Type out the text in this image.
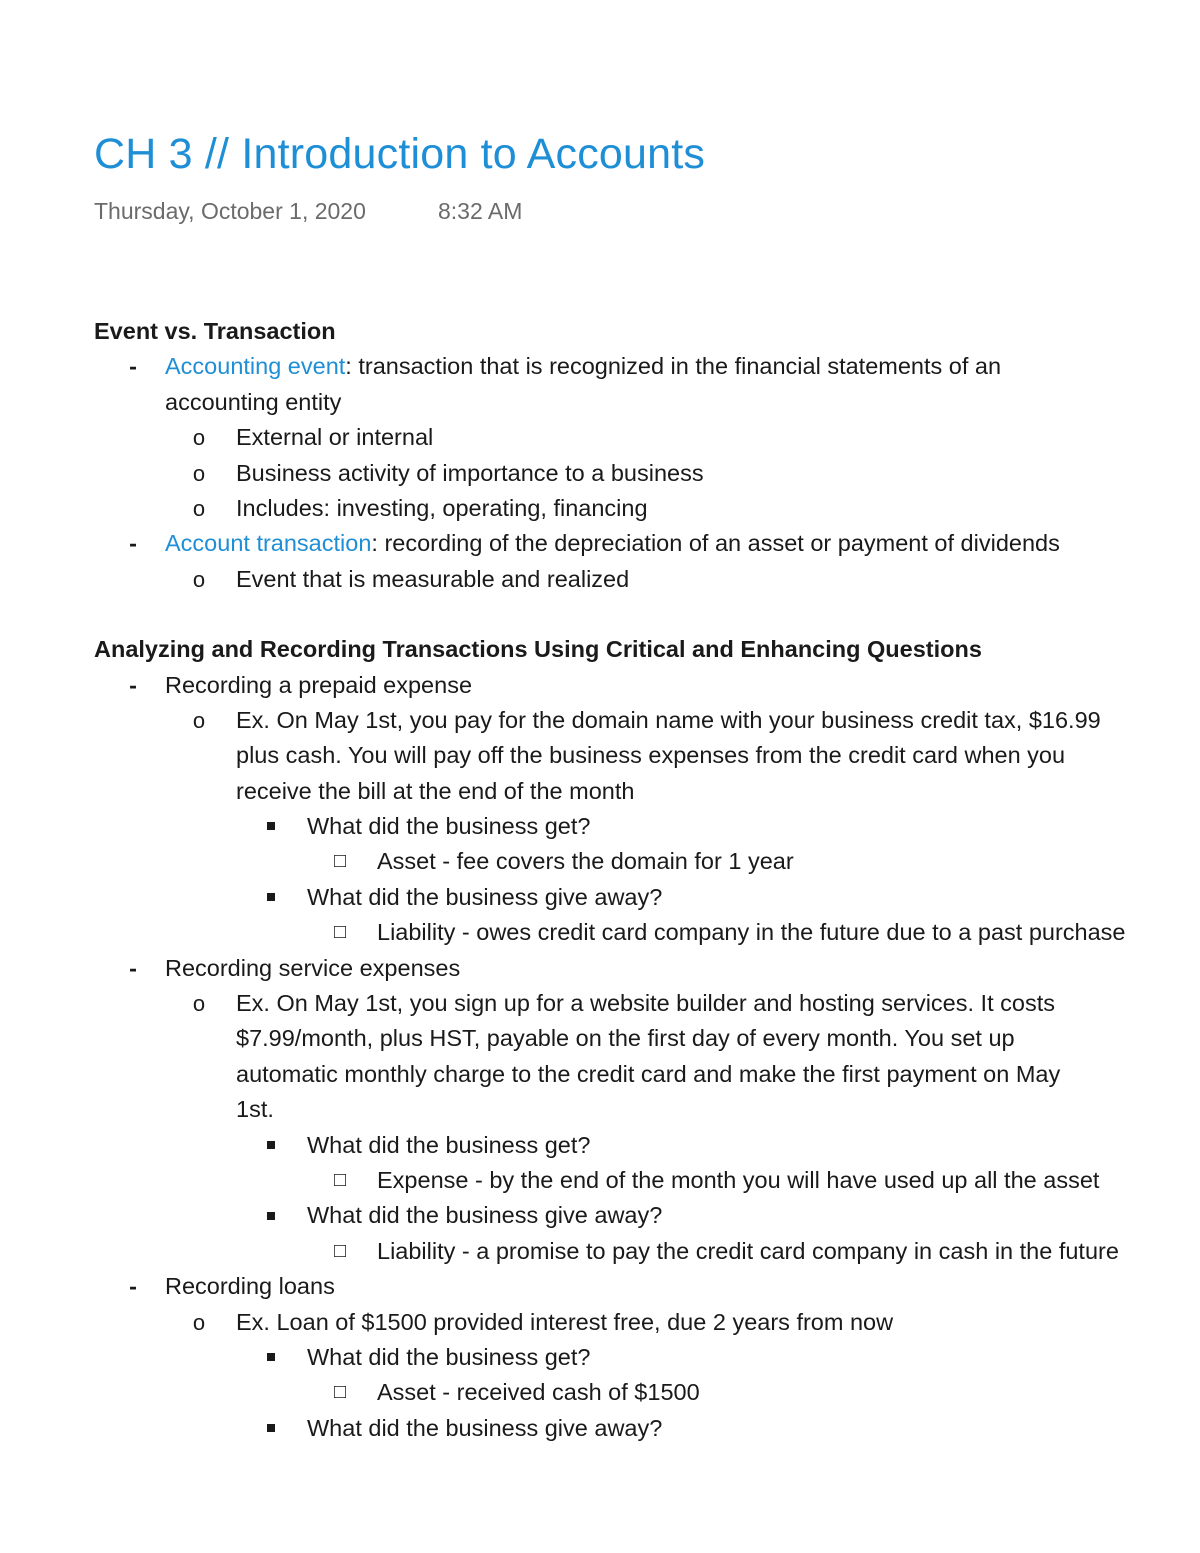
CH 3 // Introduction to Accounts
Thursday, October 1, 2020	8:32 AM
Event vs. Transaction
-	Accounting event: transaction that is recognized in the financial statements of an
accounting entity
o	External or internal
o	Business activity of importance to a business
o	Includes: investing, operating, financing
-	Account transaction: recording of the depreciation of an asset or payment of dividends
o	Event that is measurable and realized
Analyzing and Recording Transactions Using Critical and Enhancing Questions
-	Recording a prepaid expense
o	Ex. On May 1st, you pay for the domain name with your business credit tax, $16.99
plus cash. You will pay off the business expenses from the credit card when you
receive the bill at the end of the month
What did the business get?
□	Asset - fee covers the domain for 1 year
What did the business give away?
□	Liability - owes credit card company in the future due to a past purchase
-	Recording service expenses
o	Ex. On May 1st, you sign up for a website builder and hosting services. It costs
$7.99/month, plus HST, payable on the first day of every month. You set up
automatic monthly charge to the credit card and make the first payment on May
1st.
What did the business get?
□	Expense - by the end of the month you will have used up all the asset
What did the business give away?
□	Liability - a promise to pay the credit card company in cash in the future
-	Recording loans
o	Ex. Loan of $1500 provided interest free, due 2 years from now
What did the business get?
□	Asset - received cash of $1500
What did the business give away?
